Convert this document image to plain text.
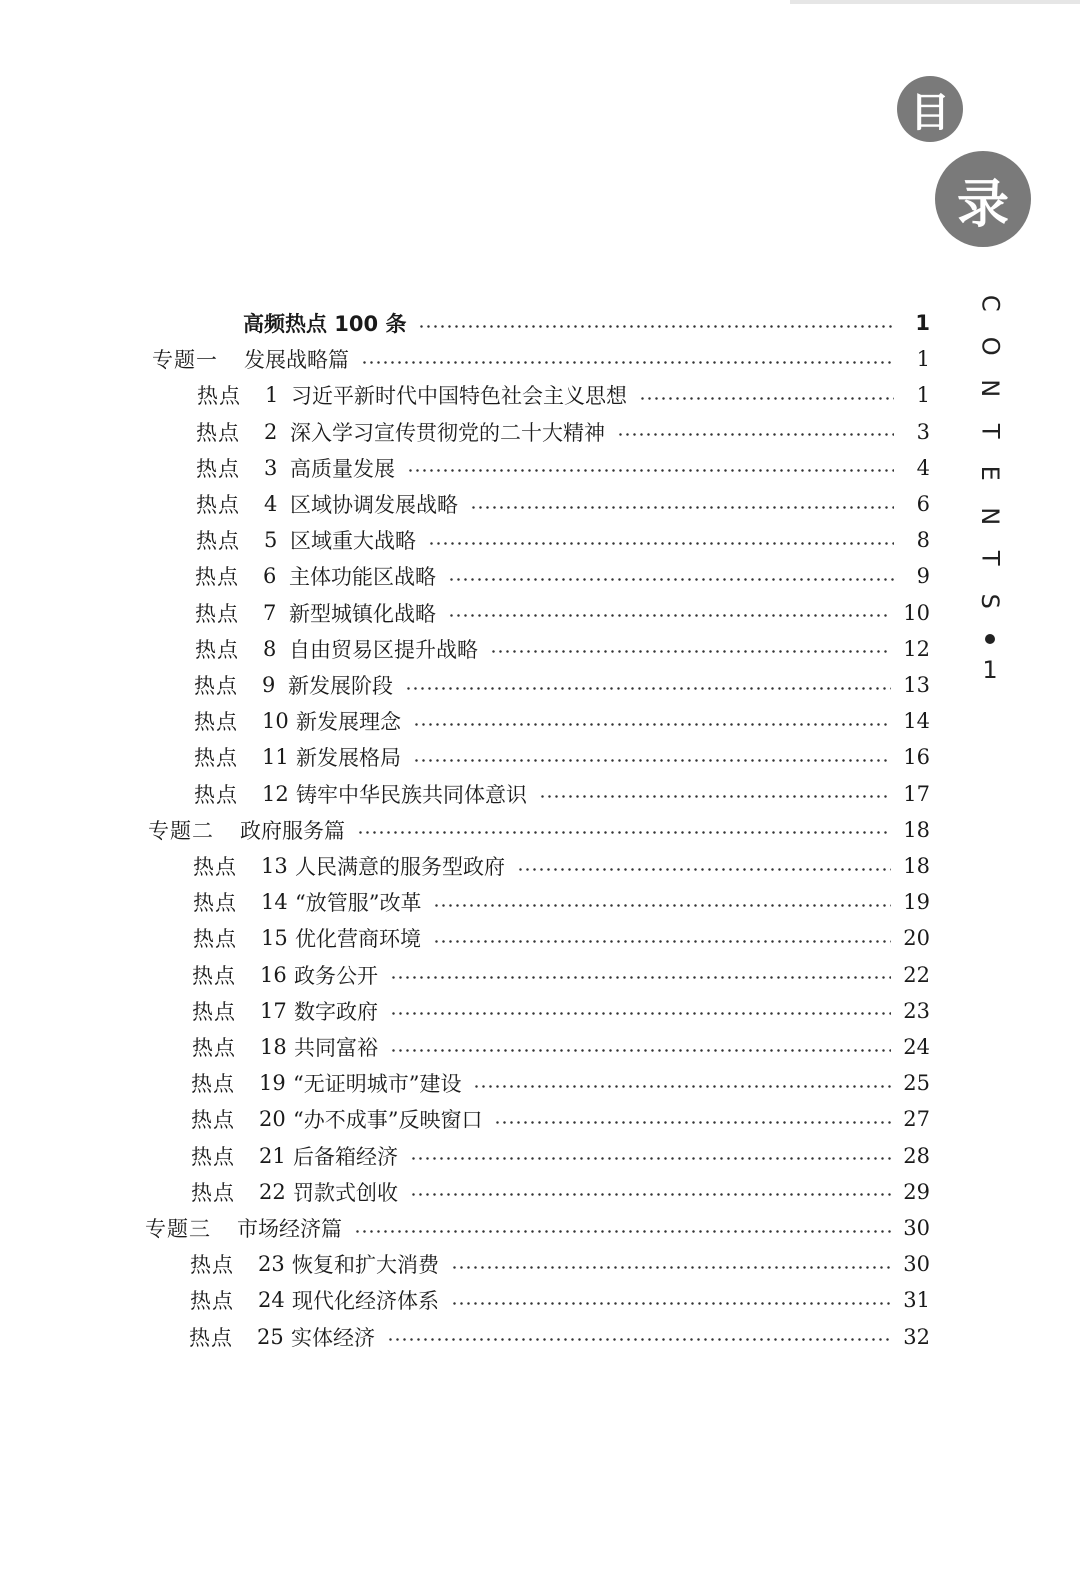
目
录
C
O
N
T
E
N
T
S
1
高频热点 100 条	1
专题一 发展战略篇	1
热点	1 习近平新时代中国特色社会主义思想	1
热点	2 深入学习宣传贯彻党的二十大精神	3
热点	3 高质量发展	4
热点	4 区域协调发展战略	6
热点	5 区域重大战略	8
热点	6 主体功能区战略	9
热点	7 新型城镇化战略	10
热点	8 自由贸易区提升战略	12
热点	9 新发展阶段	13
热点	10 新发展理念	14
热点	11 新发展格局	16
热点	12 铸牢中华民族共同体意识	17
专题二 政府服务篇	18
热点	13 人民满意的服务型政府	18
热点	14 “放管服”改革	19
热点	15 优化营商环境	20
热点	16 政务公开	22
热点	17 数字政府	23
热点	18 共同富裕	24
热点	19 “无证明城市”建设	25
热点	20 “办不成事”反映窗口	27
热点	21 后备箱经济	28
热点	22 罚款式创收	29
专题三 市场经济篇	30
热点	23 恢复和扩大消费	30
热点	24 现代化经济体系	31
热点	25 实体经济	32
